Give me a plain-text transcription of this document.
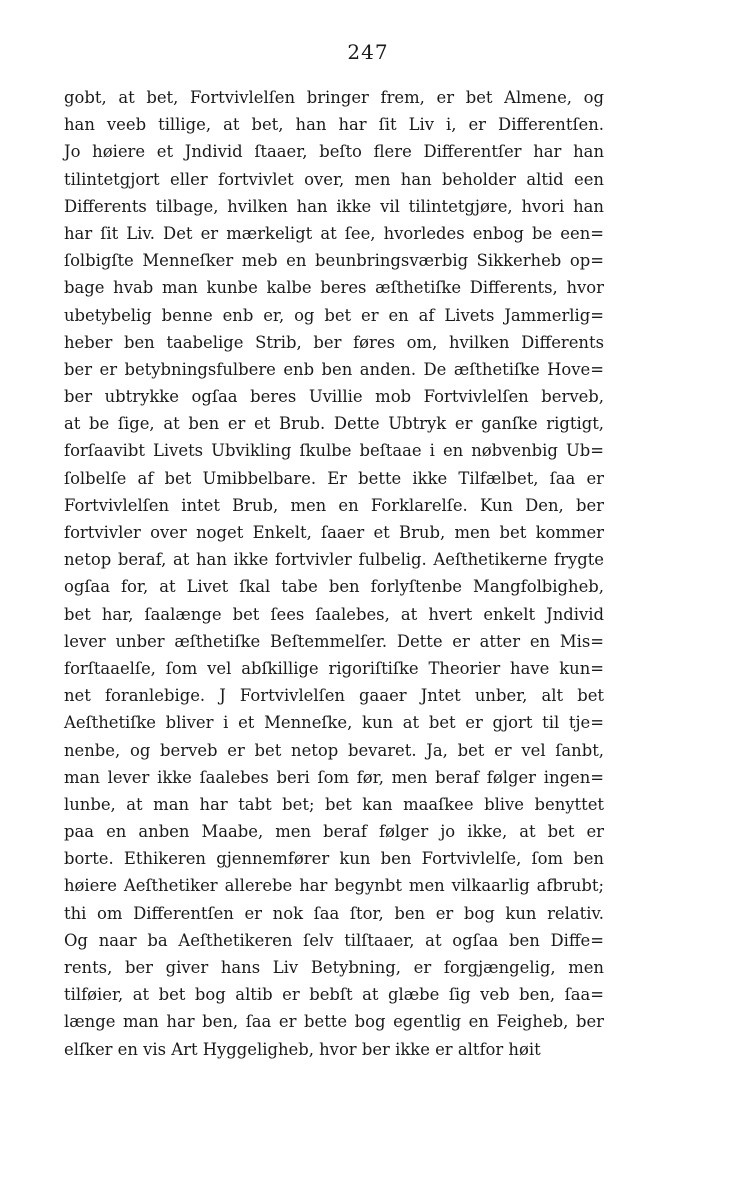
247
gobt, at bet, Fortvivlelſen bringer frem, er bet Almene, og
han veeb tillige, at bet, han har ſit Liv i, er Differentſen.
Jo høiere et Jndivid ſtaaer, beſto flere Differentſer har han
tilintetgjort eller fortvivlet over, men han beholder altid een
Differents tilbage, hvilken han ikke vil tilintetgjøre, hvori han
har ſit Liv. Det er mærkeligt at ſee, hvorledes enbog be een=
ſolbigſte Menneſker meb en beunbringsværbig Sikkerheb op=
bage hvab man kunbe kalbe beres æſthetiſke Differents, hvor
ubetybelig benne enb er, og bet er en af Livets Jammerlig=
heber ben taabelige Strib, ber føres om, hvilken Differents
ber er betybningsfulbere enb ben anden. De æſthetiſke Hove=
ber ubtrykke ogſaa beres Uvillie mob Fortvivlelſen berveb,
at be ſige, at ben er et Brub. Dette Ubtryk er ganſke rigtigt,
forſaavibt Livets Ubvikling ſkulbe beſtaae i en nøbvenbig Ub=
ſolbelſe af bet Umibbelbare. Er bette ikke Tilfælbet, ſaa er
Fortvivlelſen intet Brub, men en Forklarelſe. Kun Den, ber
fortvivler over noget Enkelt, ſaaer et Brub, men bet kommer
netop beraf, at han ikke fortvivler fulbelig. Aeſthetikerne frygte
ogſaa for, at Livet ſkal tabe ben forlyſtenbe Mangfolbigheb,
bet har, ſaalænge bet ſees ſaalebes, at hvert enkelt Jndivid
lever unber æſthetiſke Beſtemmelſer. Dette er atter en Mis=
forſtaaelſe, ſom vel abſkillige rigoriſtiſke Theorier have kun=
net foranlebige. J Fortvivlelſen gaaer Jntet unber, alt bet
Aeſthetiſke bliver i et Menneſke, kun at bet er gjort til tje=
nenbe, og berveb er bet netop bevaret. Ja, bet er vel ſanbt,
man lever ikke ſaalebes beri ſom før, men beraf følger ingen=
lunbe, at man har tabt bet; bet kan maaſkee blive benyttet
paa en anben Maabe, men beraf følger jo ikke, at bet er
borte. Ethikeren gjennemfører kun ben Fortvivlelſe, ſom ben
høiere Aeſthetiker allerebe har begynbt men vilkaarlig afbrubt;
thi om Differentſen er nok ſaa ſtor, ben er bog kun relativ.
Og naar ba Aeſthetikeren ſelv tilſtaaer, at ogſaa ben Diffe=
rents, ber giver hans Liv Betybning, er forgjængelig, men
tilføier, at bet bog altib er bebſt at glæbe ſig veb ben, ſaa=
længe man har ben, ſaa er bette bog egentlig en Feigheb, ber
elſker en vis Art Hyggeligheb, hvor ber ikke er altfor høit
